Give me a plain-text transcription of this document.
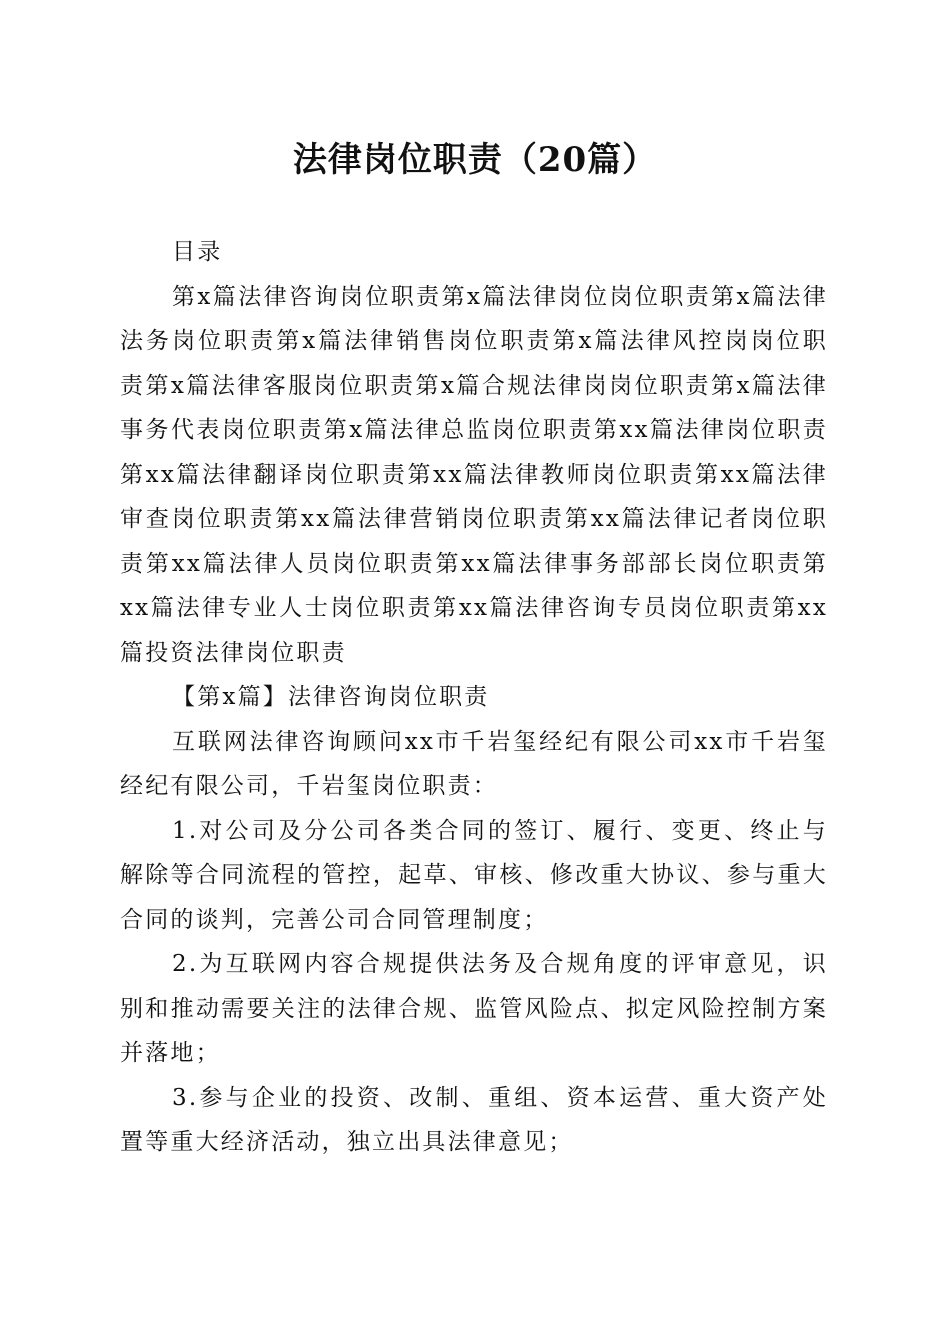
法律岗位职责（20篇）

目录

第x篇法律咨询岗位职责第x篇法律岗位岗位职责第x篇法律法务岗位职责第x篇法律销售岗位职责第x篇法律风控岗岗位职责第x篇法律客服岗位职责第x篇合规法律岗岗位职责第x篇法律事务代表岗位职责第x篇法律总监岗位职责第xx篇法律岗位职责第xx篇法律翻译岗位职责第xx篇法律教师岗位职责第xx篇法律审查岗位职责第xx篇法律营销岗位职责第xx篇法律记者岗位职责第xx篇法律人员岗位职责第xx篇法律事务部部长岗位职责第xx篇法律专业人士岗位职责第xx篇法律咨询专员岗位职责第xx篇投资法律岗位职责

【第x篇】法律咨询岗位职责

互联网法律咨询顾问xx市千岩玺经纪有限公司xx市千岩玺经纪有限公司，千岩玺岗位职责：

1.对公司及分公司各类合同的签订、履行、变更、终止与解除等合同流程的管控，起草、审核、修改重大协议、参与重大合同的谈判，完善公司合同管理制度；

2.为互联网内容合规提供法务及合规角度的评审意见，识别和推动需要关注的法律合规、监管风险点、拟定风险控制方案并落地；

3.参与企业的投资、改制、重组、资本运营、重大资产处置等重大经济活动，独立出具法律意见；
